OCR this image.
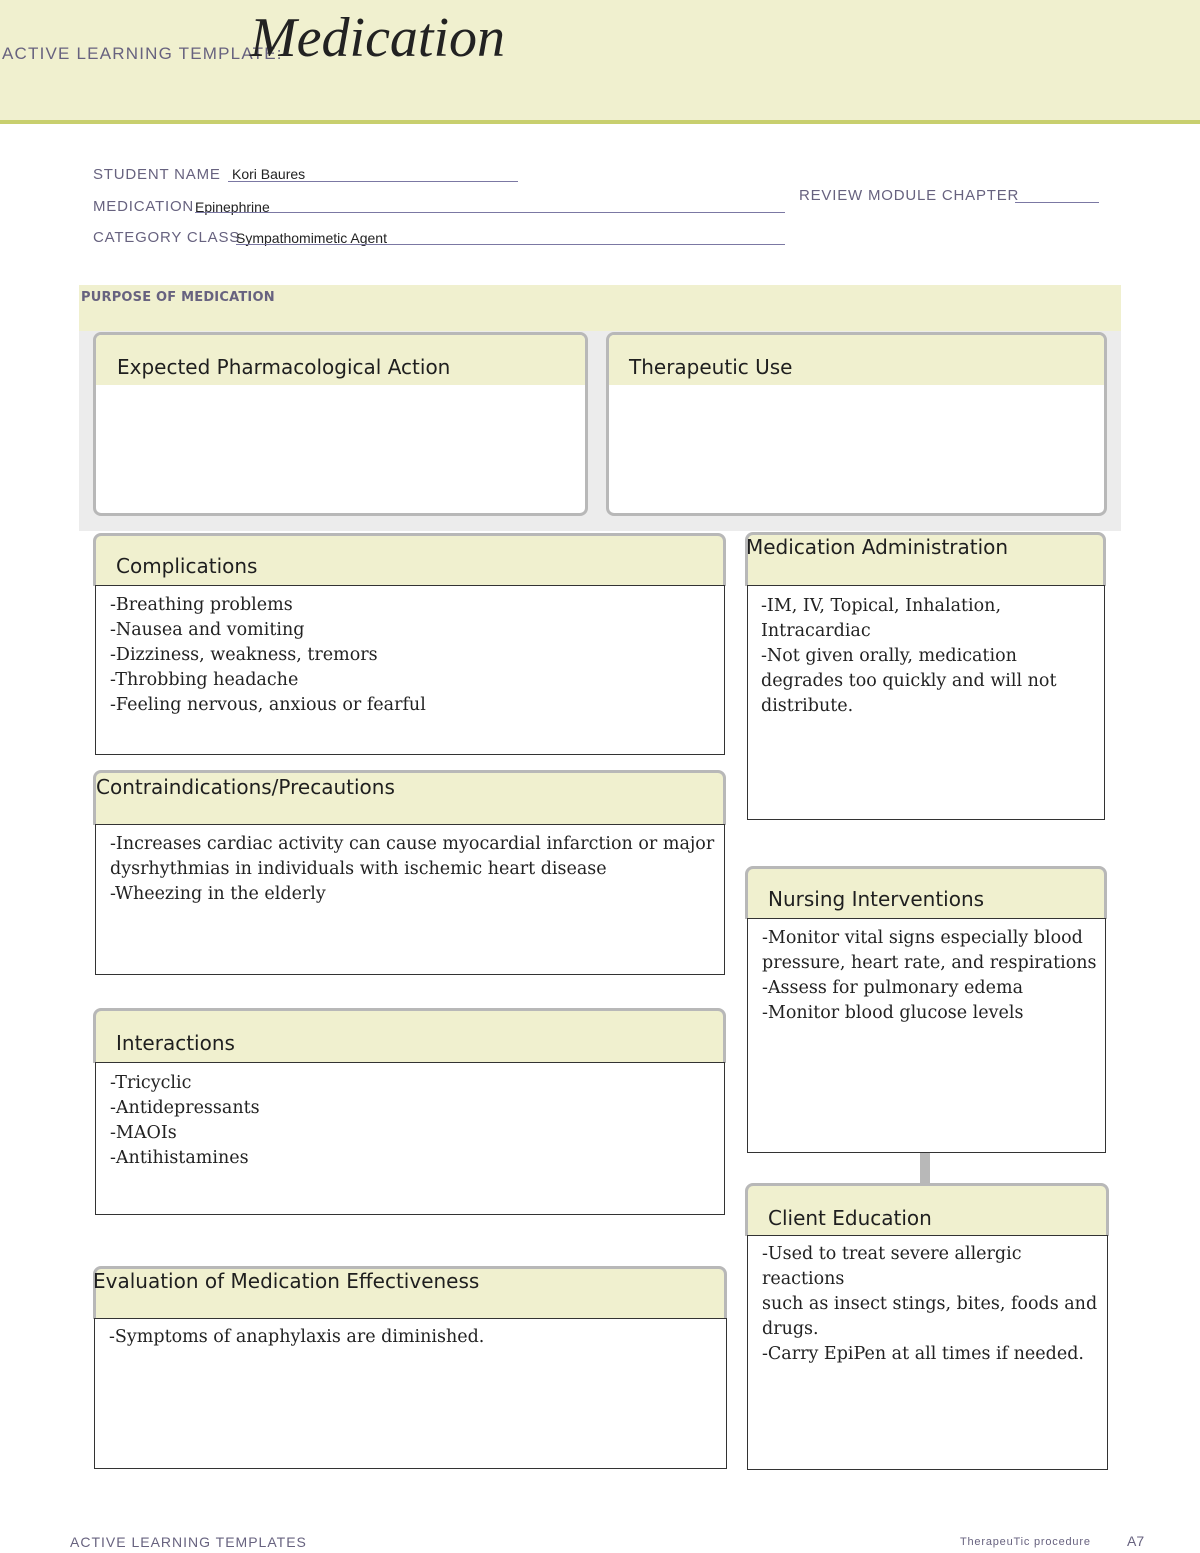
ACTIVE LEARNING TEMPLATE:
Medication
STUDENT NAME Kori Baures
MEDICATION Epinephrine
CATEGORY CLASS
Sympathomimetic Agent
REVIEW MODULE CHAPTER
PURPOSE OF MEDICATION
Expected Pharmacological Action	Therapeutic Use
Complications
-Breathing problems
-Nausea and vomiting
-Dizziness, weakness, tremors
-Throbbing headache
-Feeling nervous, anxious or fearful
Contraindications/Precautions
-Increases cardiac activity can cause myocardial infarction or major
dysrhythmias in individuals with ischemic heart disease
-Wheezing in the elderly
Interactions
-Tricyclic
-Antidepressants
-MAOIs
-Antihistamines
Evaluation of Medication Effectiveness
-Symptoms of anaphylaxis are diminished.
Medication Administration
-IM, IV, Topical, Inhalation,
Intracardiac
-Not given orally, medication
degrades too quickly and will not
distribute.
Nursing Interventions
-Monitor vital signs especially blood
pressure, heart rate, and respirations
-Assess for pulmonary edema
-Monitor blood glucose levels
Client Education
-Used to treat severe allergic reactions
such as insect stings, bites, foods and
drugs.
-Carry EpiPen at all times if needed.
ACTIVE LEARNING TEMPLATES	TherapeuTic procedure	A7
